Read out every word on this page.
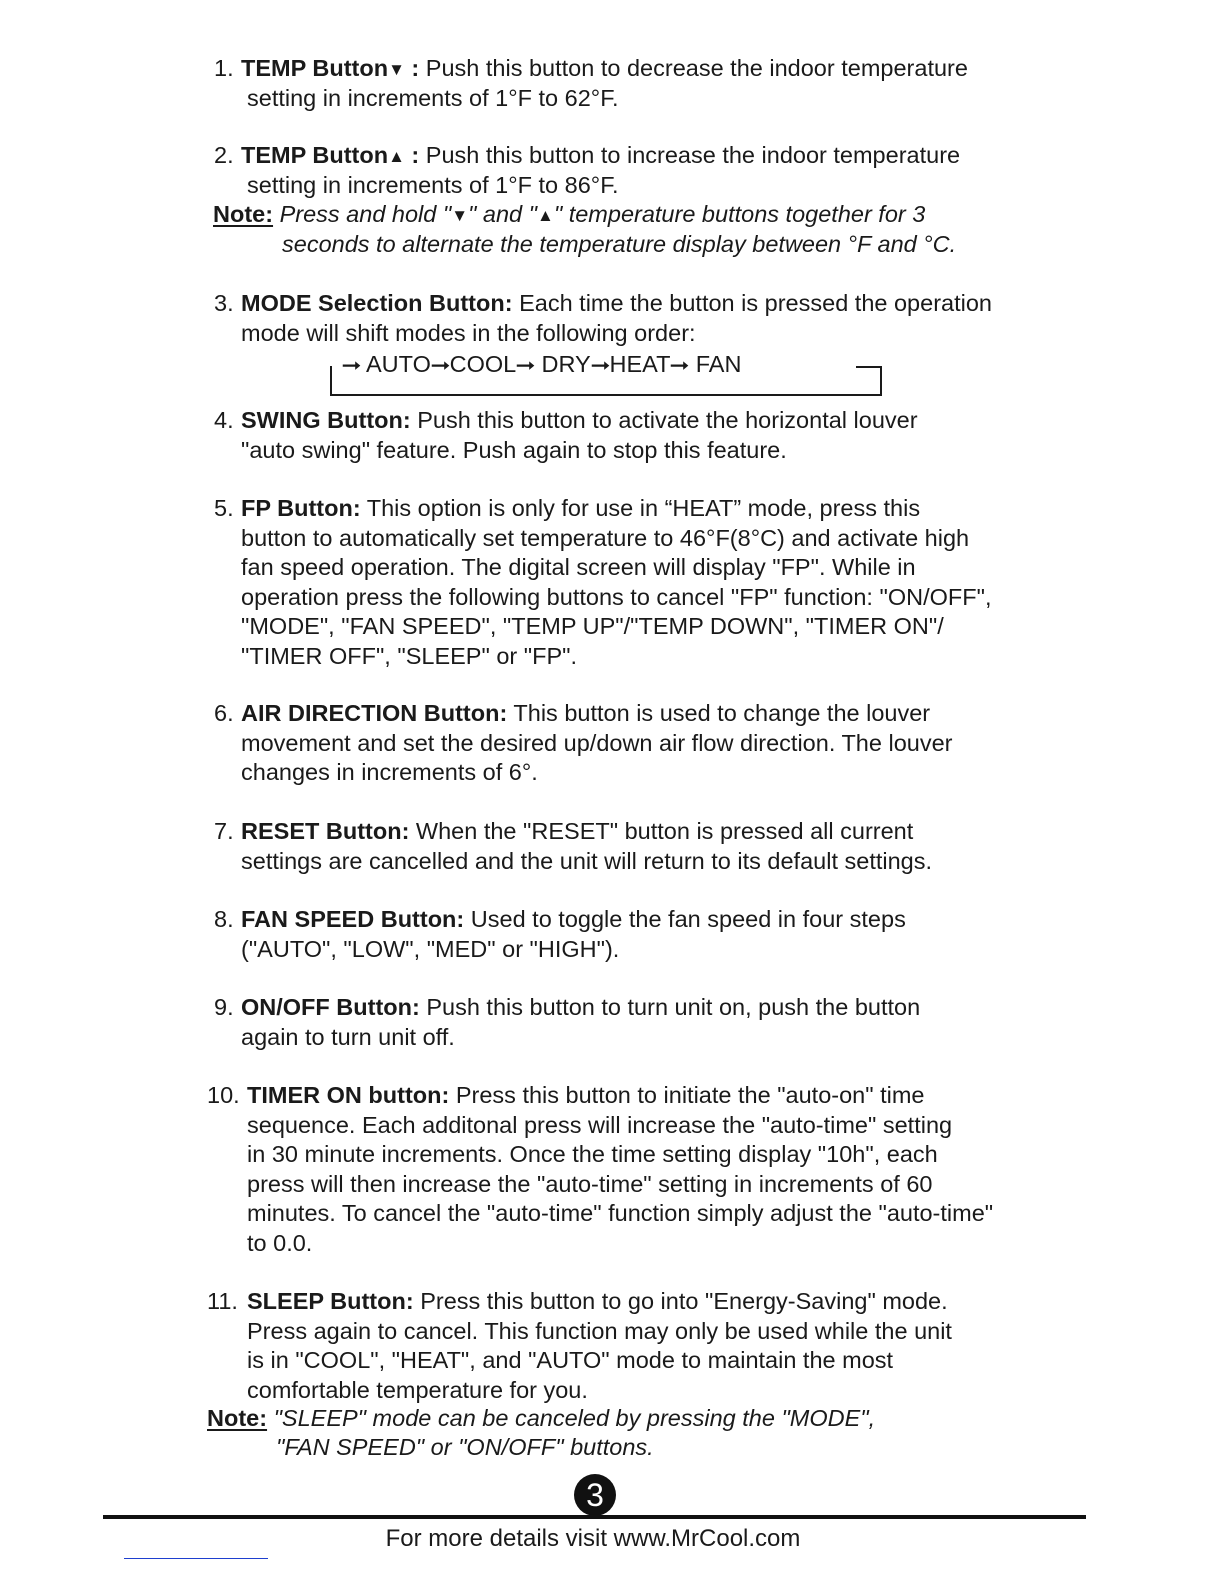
1. TEMP Button▼ : Push this button to decrease the indoor temperature
setting in increments of 1°F to 62°F.
2. TEMP Button▲ : Push this button to increase the indoor temperature
setting in increments of 1°F to 86°F.
Note: Press and hold "▼" and "▲" temperature buttons together for 3
seconds to alternate the temperature display between °F and °C.
3. MODE Selection Button: Each time the button is pressed the operation
mode will shift modes in the following order:
➞ AUTO➞COOL➞ DRY➞HEAT➞ FAN
4. SWING Button: Push this button to activate the horizontal louver
"auto swing" feature. Push again to stop this feature.
5. FP Button: This option is only for use in “HEAT” mode, press this
button to automatically set temperature to 46°F(8°C) and activate high
fan speed operation. The digital screen will display "FP". While in
operation press the following buttons to cancel "FP" function: "ON/OFF",
"MODE", "FAN SPEED", "TEMP UP"/"TEMP DOWN", "TIMER ON"/
"TIMER OFF", "SLEEP" or "FP".
6. AIR DIRECTION Button: This button is used to change the louver
movement and set the desired up/down air flow direction. The louver
changes in increments of 6°.
7. RESET Button: When the "RESET" button is pressed all current
settings are cancelled and the unit will return to its default settings.
8. FAN SPEED Button: Used to toggle the fan speed in four steps
("AUTO", "LOW", "MED" or "HIGH").
9. ON/OFF Button: Push this button to turn unit on, push the button
again to turn unit off.
10. TIMER ON button: Press this button to initiate the "auto-on" time
sequence. Each additonal press will increase the "auto-time" setting
in 30 minute increments. Once the time setting display "10h", each
press will then increase the "auto-time" setting in increments of 60
minutes. To cancel the "auto-time" function simply adjust the "auto-time"
to 0.0.
11. SLEEP Button: Press this button to go into "Energy-Saving" mode.
Press again to cancel. This function may only be used while the unit
is in "COOL", "HEAT", and "AUTO" mode to maintain the most
comfortable temperature for you.
Note: "SLEEP" mode can be canceled by pressing the "MODE",
"FAN SPEED" or "ON/OFF" buttons.
3
For more details visit www.MrCool.com
